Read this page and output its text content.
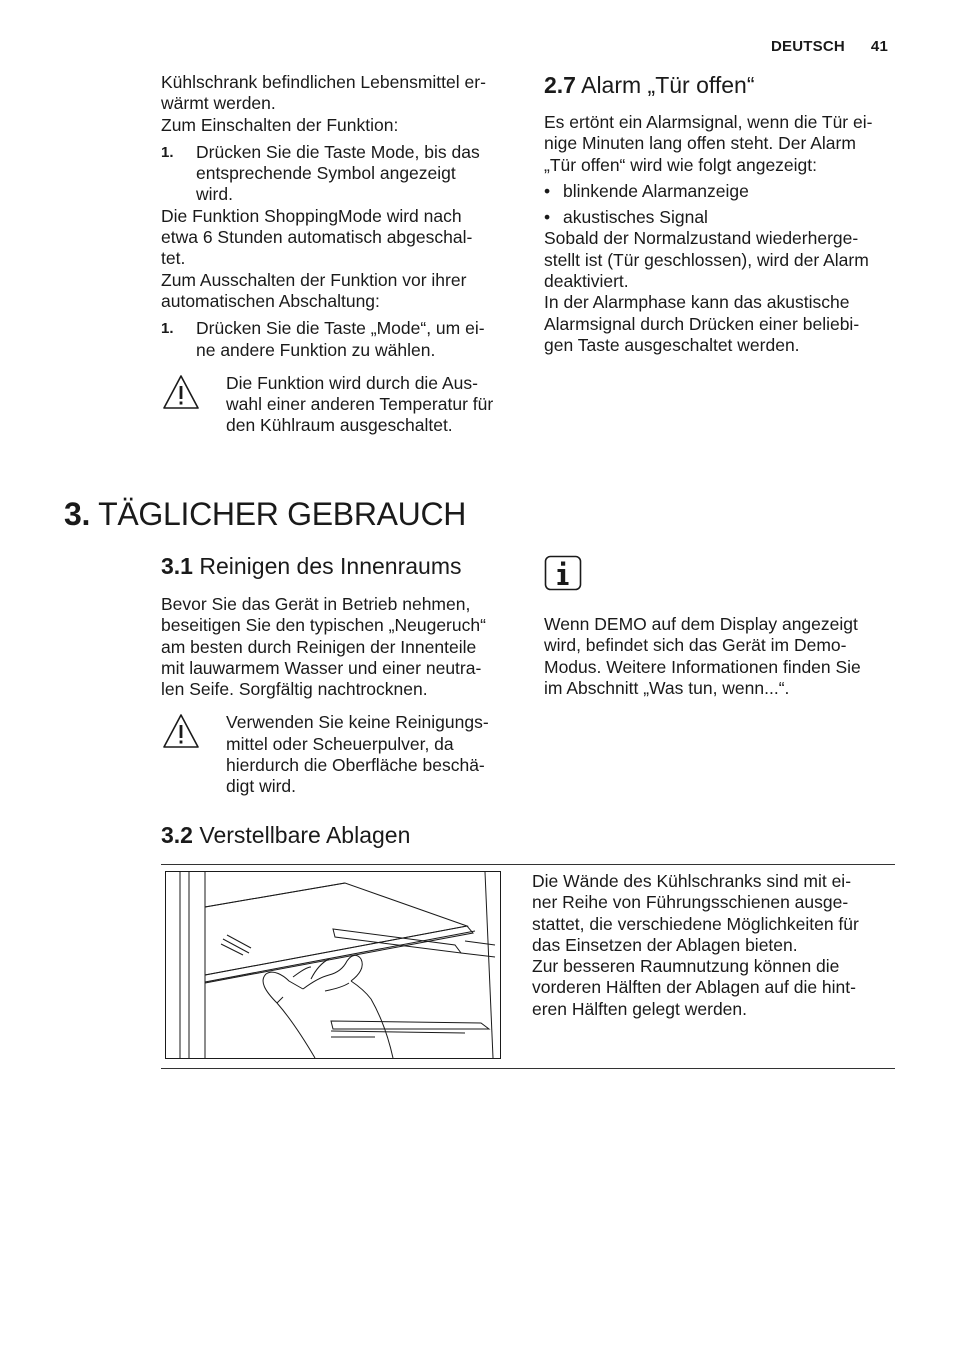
DEUTSCH 41
Kühlschrank befindlichen Lebensmittel er-
wärmt werden.
Zum Einschalten der Funktion:
1.	Drücken Sie die Taste Mode, bis das
entsprechende Symbol angezeigt
wird.
Die Funktion ShoppingMode wird nach
etwa 6 Stunden automatisch abgeschal-
tet.
Zum Ausschalten der Funktion vor ihrer
automatischen Abschaltung:
1.	Drücken Sie die Taste „Mode“, um ei-
ne andere Funktion zu wählen.
Die Funktion wird durch die Aus-
wahl einer anderen Temperatur für
den Kühlraum ausgeschaltet.
2.7 Alarm „Tür offen“
Es ertönt ein Alarmsignal, wenn die Tür ei-
nige Minuten lang offen steht. Der Alarm
„Tür offen“ wird wie folgt angezeigt:
• blinkende Alarmanzeige
• akustisches Signal
Sobald der Normalzustand wiederherge-
stellt ist (Tür geschlossen), wird der Alarm
deaktiviert.
In der Alarmphase kann das akustische
Alarmsignal durch Drücken einer beliebi-
gen Taste ausgeschaltet werden.
3. TÄGLICHER GEBRAUCH
3.1 Reinigen des Innenraums
Bevor Sie das Gerät in Betrieb nehmen,
beseitigen Sie den typischen „Neugeruch“
am besten durch Reinigen der Innenteile
mit lauwarmem Wasser und einer neutra-
len Seife. Sorgfältig nachtrocknen.
Verwenden Sie keine Reinigungs-
mittel oder Scheuerpulver, da
hierdurch die Oberfläche beschä-
digt wird.
Wenn DEMO auf dem Display angezeigt
wird, befindet sich das Gerät im Demo-
Modus. Weitere Informationen finden Sie
im Abschnitt „Was tun, wenn...“.
3.2 Verstellbare Ablagen
Die Wände des Kühlschranks sind mit ei-
ner Reihe von Führungsschienen ausge-
stattet, die verschiedene Möglichkeiten für
das Einsetzen der Ablagen bieten.
Zur besseren Raumnutzung können die
vorderen Hälften der Ablagen auf die hint-
eren Hälften gelegt werden.
